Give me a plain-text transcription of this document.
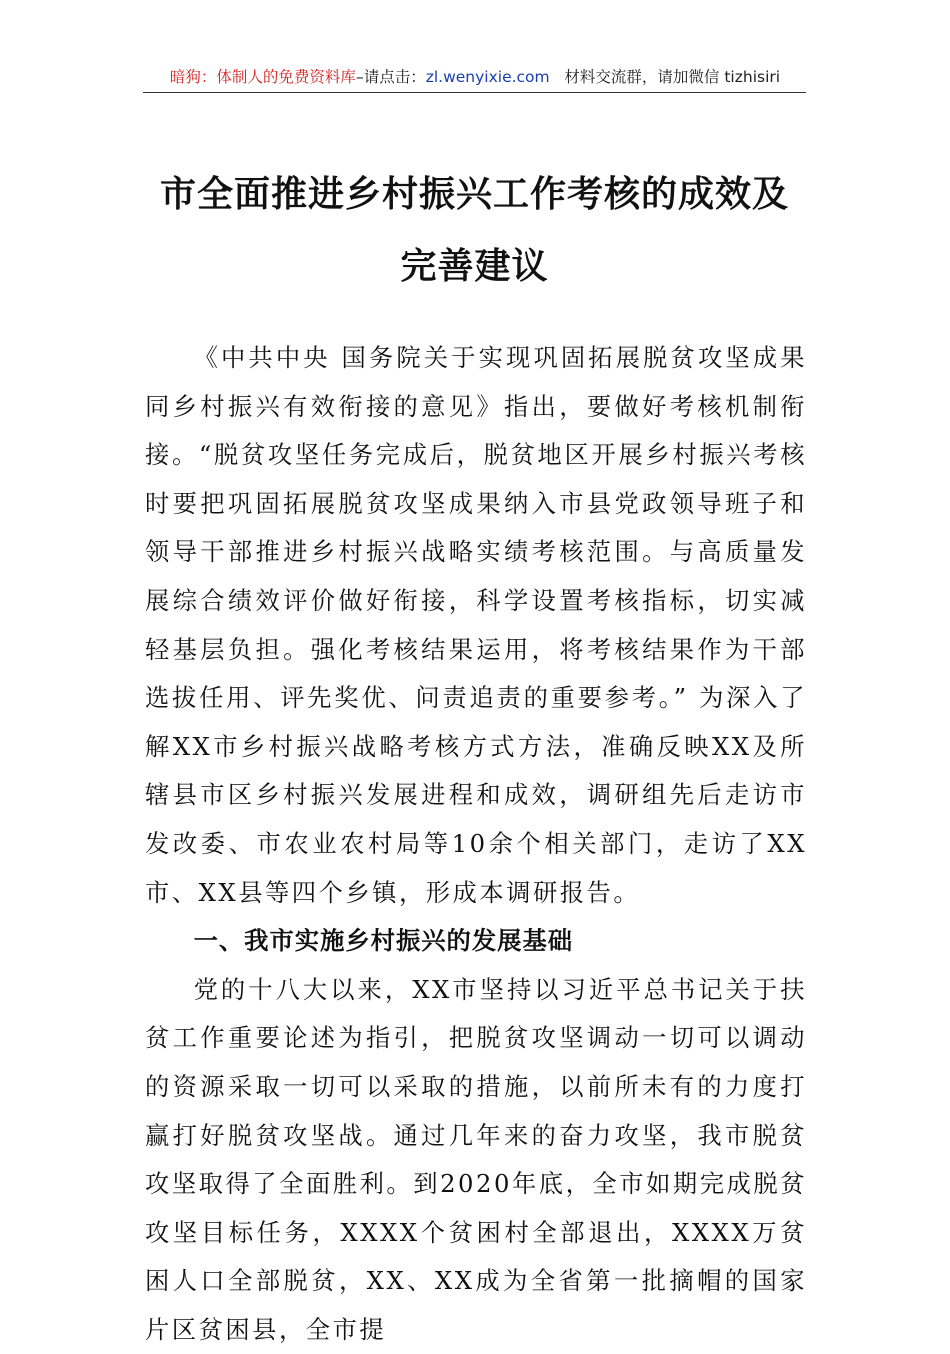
暗狗：体制人的免费资料库–请点击：zl.wenyixie.com 材料交流群，请加微信 tizhisiri
市全面推进乡村振兴工作考核的成效及完善建议

《中共中央 国务院关于实现巩固拓展脱贫攻坚成果同乡村振兴有效衔接的意见》指出，要做好考核机制衔接。“脱贫攻坚任务完成后，脱贫地区开展乡村振兴考核时要把巩固拓展脱贫攻坚成果纳入市县党政领导班子和领导干部推进乡村振兴战略实绩考核范围。与高质量发展综合绩效评价做好衔接，科学设置考核指标，切实减轻基层负担。强化考核结果运用，将考核结果作为干部选拔任用、评先奖优、问责追责的重要参考。” 为深入了解XX市乡村振兴战略考核方式方法，准确反映XX及所辖县市区乡村振兴发展进程和成效，调研组先后走访市发改委、市农业农村局等10余个相关部门，走访了XX市、XX县等四个乡镇，形成本调研报告。

一、我市实施乡村振兴的发展基础

党的十八大以来，XX市坚持以习近平总书记关于扶贫工作重要论述为指引，把脱贫攻坚调动一切可以调动的资源采取一切可以采取的措施，以前所未有的力度打赢打好脱贫攻坚战。通过几年来的奋力攻坚，我市脱贫攻坚取得了全面胜利。到2020年底，全市如期完成脱贫攻坚目标任务，XXXX个贫困村全部退出，XXXX万贫困人口全部脱贫，XX、XX成为全省第一批摘帽的国家片区贫困县，全市提
